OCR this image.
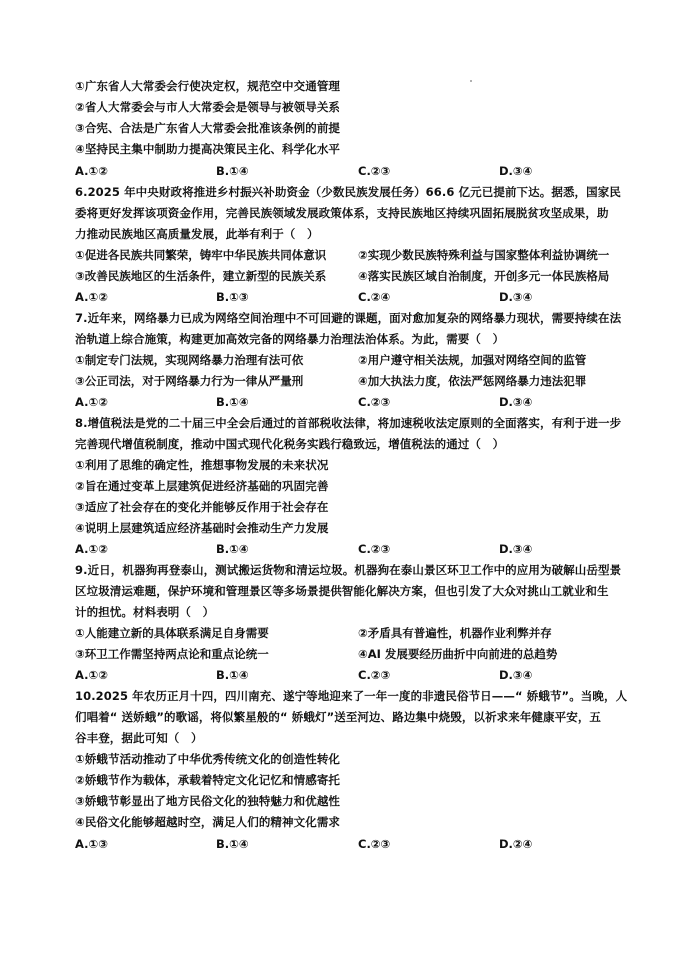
①广东省人大常委会行使决定权，规范空中交通管理
②省人大常委会与市人大常委会是领导与被领导关系
③合宪、合法是广东省人大常委会批准该条例的前提
④坚持民主集中制助力提高决策民主化、科学化水平
A.①②	B.①④	C.②③	D.③④
6.2025 年中央财政将推进乡村振兴补助资金（少数民族发展任务）66.6 亿元已提前下达。据悉，国家民
委将更好发挥该项资金作用，完善民族领域发展政策体系，支持民族地区持续巩固拓展脱贫攻坚成果，助
力推动民族地区高质量发展，此举有利于（　）
①促进各民族共同繁荣，铸牢中华民族共同体意识	②实现少数民族特殊利益与国家整体利益协调统一
③改善民族地区的生活条件，建立新型的民族关系	④落实民族区域自治制度，开创多元一体民族格局
A.①②	B.①③	C.②④	D.③④
7.近年来，网络暴力已成为网络空间治理中不可回避的课题，面对愈加复杂的网络暴力现状，需要持续在法
治轨道上综合施策，构建更加高效完备的网络暴力治理法治体系。为此，需要（　）
①制定专门法规，实现网络暴力治理有法可依	②用户遵守相关法规，加强对网络空间的监管
③公正司法，对于网络暴力行为一律从严量刑	④加大执法力度，依法严惩网络暴力违法犯罪
A.①②	B.①④	C.②③	D.③④
8.增值税法是党的二十届三中全会后通过的首部税收法律，将加速税收法定原则的全面落实，有利于进一步
完善现代增值税制度，推动中国式现代化税务实践行稳致远，增值税法的通过（　）
①利用了思维的确定性，推想事物发展的未来状况
②旨在通过变革上层建筑促进经济基础的巩固完善
③适应了社会存在的变化并能够反作用于社会存在
④说明上层建筑适应经济基础时会推动生产力发展
A.①②	B.①④	C.②③	D.③④
9.近日，机器狗再登泰山，测试搬运货物和清运垃圾。机器狗在泰山景区环卫工作中的应用为破解山岳型景
区垃圾清运难题，保护环境和管理景区等多场景提供智能化解决方案，但也引发了大众对挑山工就业和生
计的担忧。材料表明（　）
①人能建立新的具体联系满足自身需要	②矛盾具有普遍性，机器作业利弊并存
③环卫工作需坚持两点论和重点论统一	④AI 发展要经历曲折中向前进的总趋势
A.①②	B.①④	C.②③	D.③④
10.2025 年农历正月十四，四川南充、遂宁等地迎来了一年一度的非遗民俗节日——“ 娇蛾节”。当晚，人
们唱着“ 送娇蛾”的歌谣，将似繁星般的“ 娇蛾灯”送至河边、路边集中烧毁，以祈求来年健康平安，五
谷丰登，据此可知（　）
①娇蛾节活动推动了中华优秀传统文化的创造性转化
②娇蛾节作为载体，承载着特定文化记忆和情感寄托
③娇蛾节彰显出了地方民俗文化的独特魅力和优越性
④民俗文化能够超越时空，满足人们的精神文化需求
A.①③	B.①④	C.②③	D.②④
